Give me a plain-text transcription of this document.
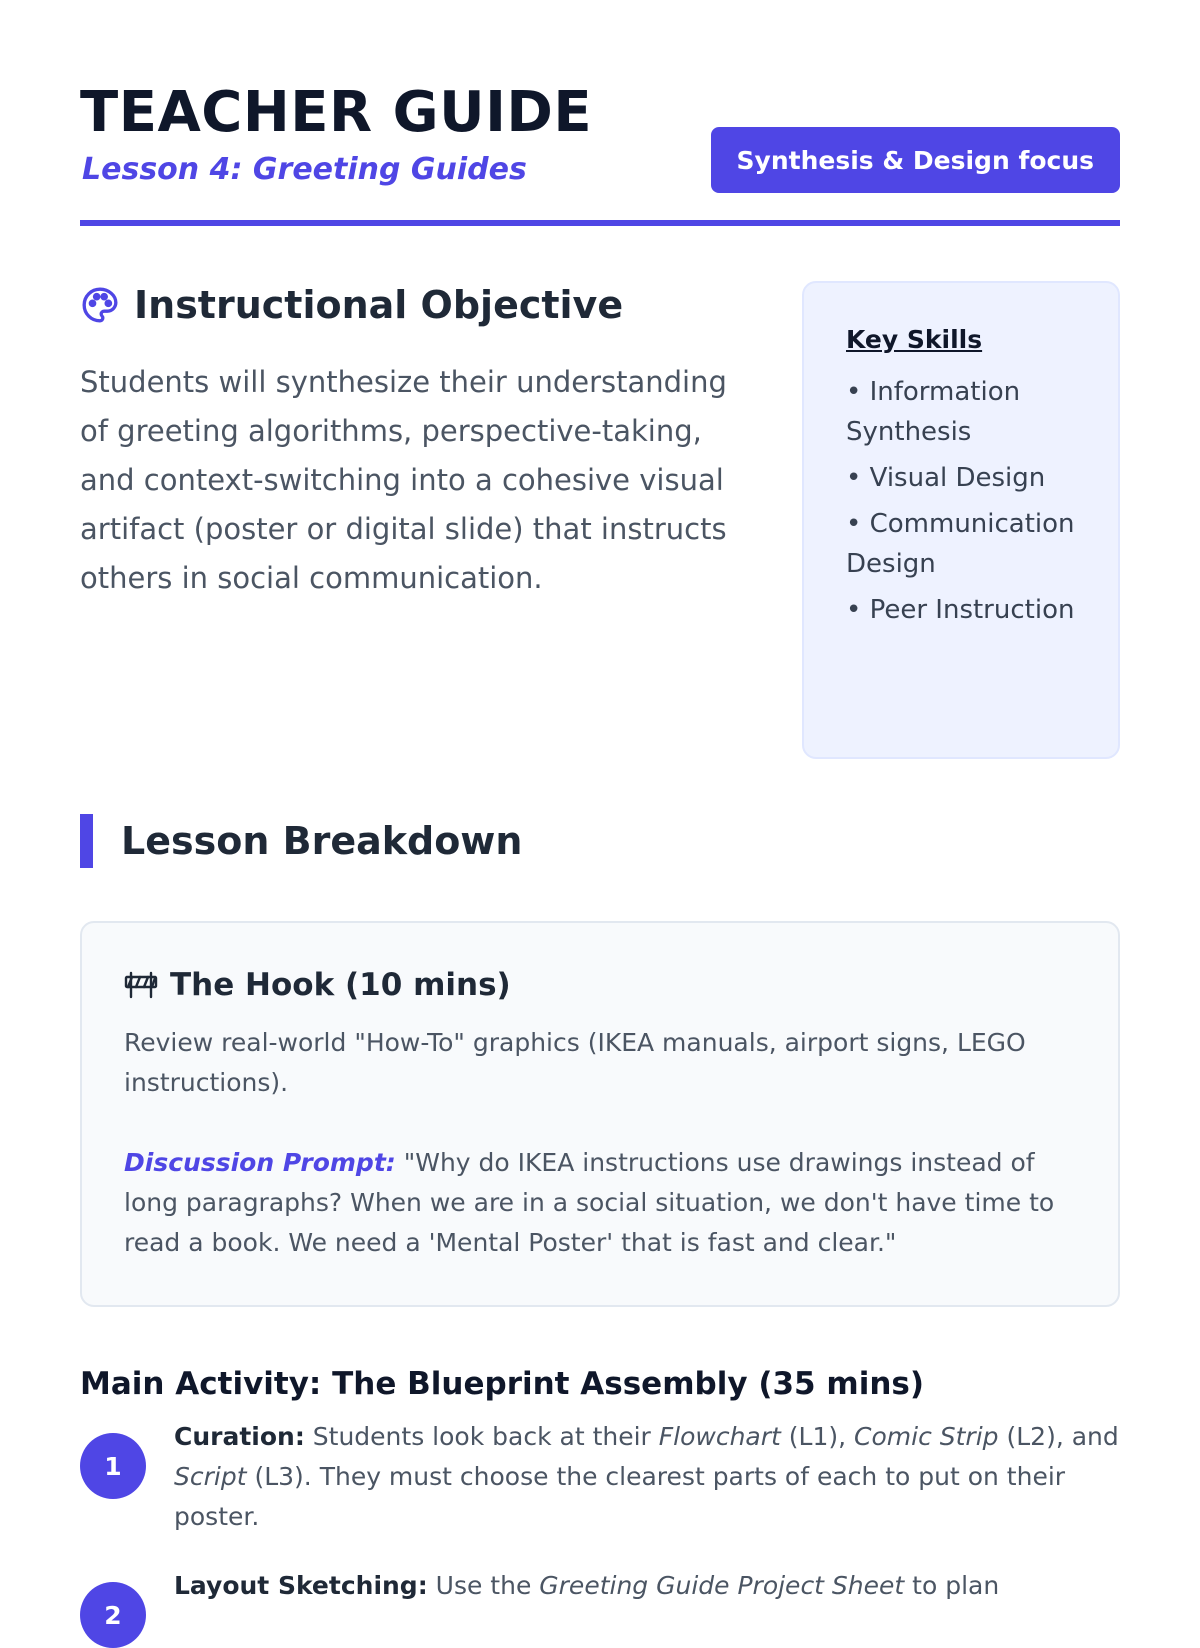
TEACHER GUIDE
Lesson 4: Greeting Guides	Synthesis & Design focus
Instructional Objective
Students will synthesize their understanding of greeting algorithms, perspective-taking, and context-switching into a cohesive visual artifact (poster or digital slide) that instructs others in social communication.
Key Skills
• Information Synthesis
• Visual Design
• Communication Design
• Peer Instruction
Lesson Breakdown
The Hook (10 mins)

Review real-world "How-To" graphics (IKEA manuals, airport signs, LEGO instructions).

Discussion Prompt: "Why do IKEA instructions use drawings instead of long paragraphs? When we are in a social situation, we don't have time to read a book. We need a 'Mental Poster' that is fast and clear."

Main Activity: The Blueprint Assembly (35 mins)
1
Curation: Students look back at their Flowchart (L1), Comic Strip (L2), and Script (L3). They must choose the clearest parts of each to put on their poster.
2
Layout Sketching: Use the Greeting Guide Project Sheet to plan
